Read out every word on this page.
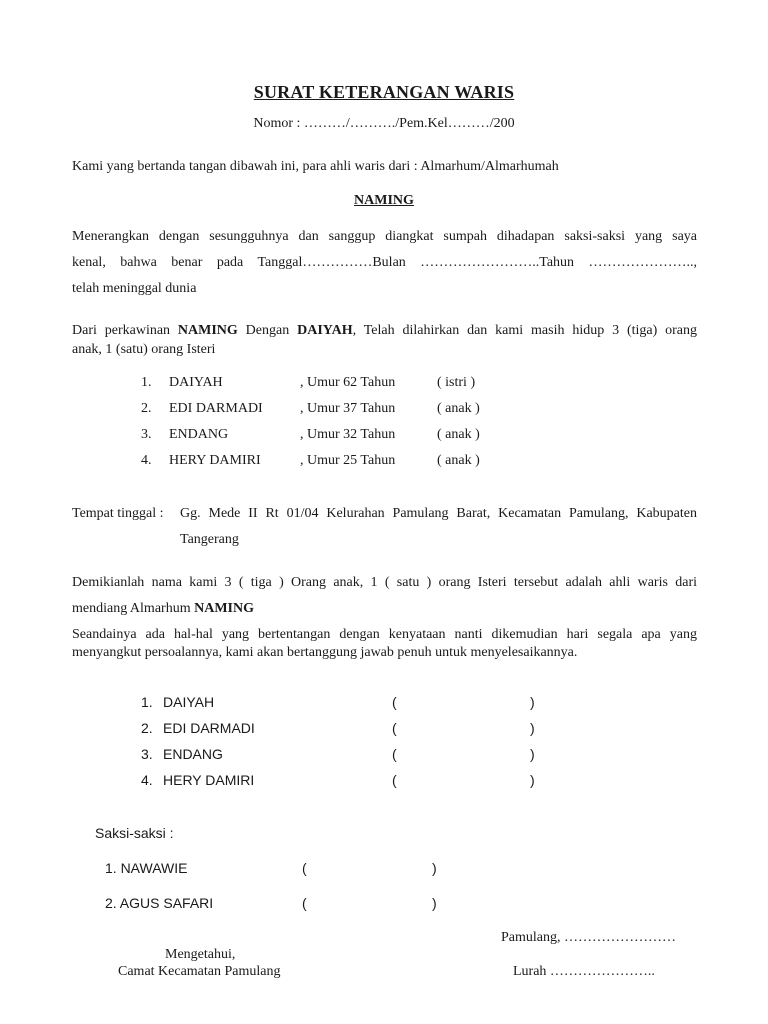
SURAT KETERANGAN WARIS
Nomor : ………/………./Pem.Kel………/200
Kami yang bertanda tangan dibawah ini, para ahli waris dari : Almarhum/Almarhumah
NAMING
Menerangkan dengan sesungguhnya dan sanggup diangkat sumpah dihadapan saksi-saksi yang saya
kenal, bahwa benar pada Tanggal……………Bulan ……………………..Tahun …………………..,
telah meninggal dunia
Dari perkawinan NAMING Dengan DAIYAH, Telah dilahirkan dan kami masih hidup 3 (tiga) orang
anak, 1 (satu) orang Isteri
1. DAIYAH	, Umur 62 Tahun	( istri )
2. EDI DARMADI	, Umur 37 Tahun	( anak )
3. ENDANG	, Umur 32 Tahun	( anak )
4. HERY DAMIRI	, Umur 25 Tahun	( anak )
Tempat tinggal : Gg. Mede II Rt 01/04 Kelurahan Pamulang Barat, Kecamatan Pamulang, Kabupaten
Tangerang
Demikianlah nama kami 3 ( tiga ) Orang anak, 1 ( satu ) orang Isteri tersebut adalah ahli waris dari
mendiang Almarhum NAMING
Seandainya ada hal-hal yang bertentangan dengan kenyataan nanti dikemudian hari segala apa yang
menyangkut persoalannya, kami akan bertanggung jawab penuh untuk menyelesaikannya.
1. DAIYAH	(	)
2. EDI DARMADI	(	)
3. ENDANG	(	)
4. HERY DAMIRI	(	)
Saksi-saksi :
1. NAWAWIE	(	)
2. AGUS SAFARI	(	)
Pamulang, ……………………
Mengetahui,
Camat Kecamatan Pamulang	Lurah …………………..
